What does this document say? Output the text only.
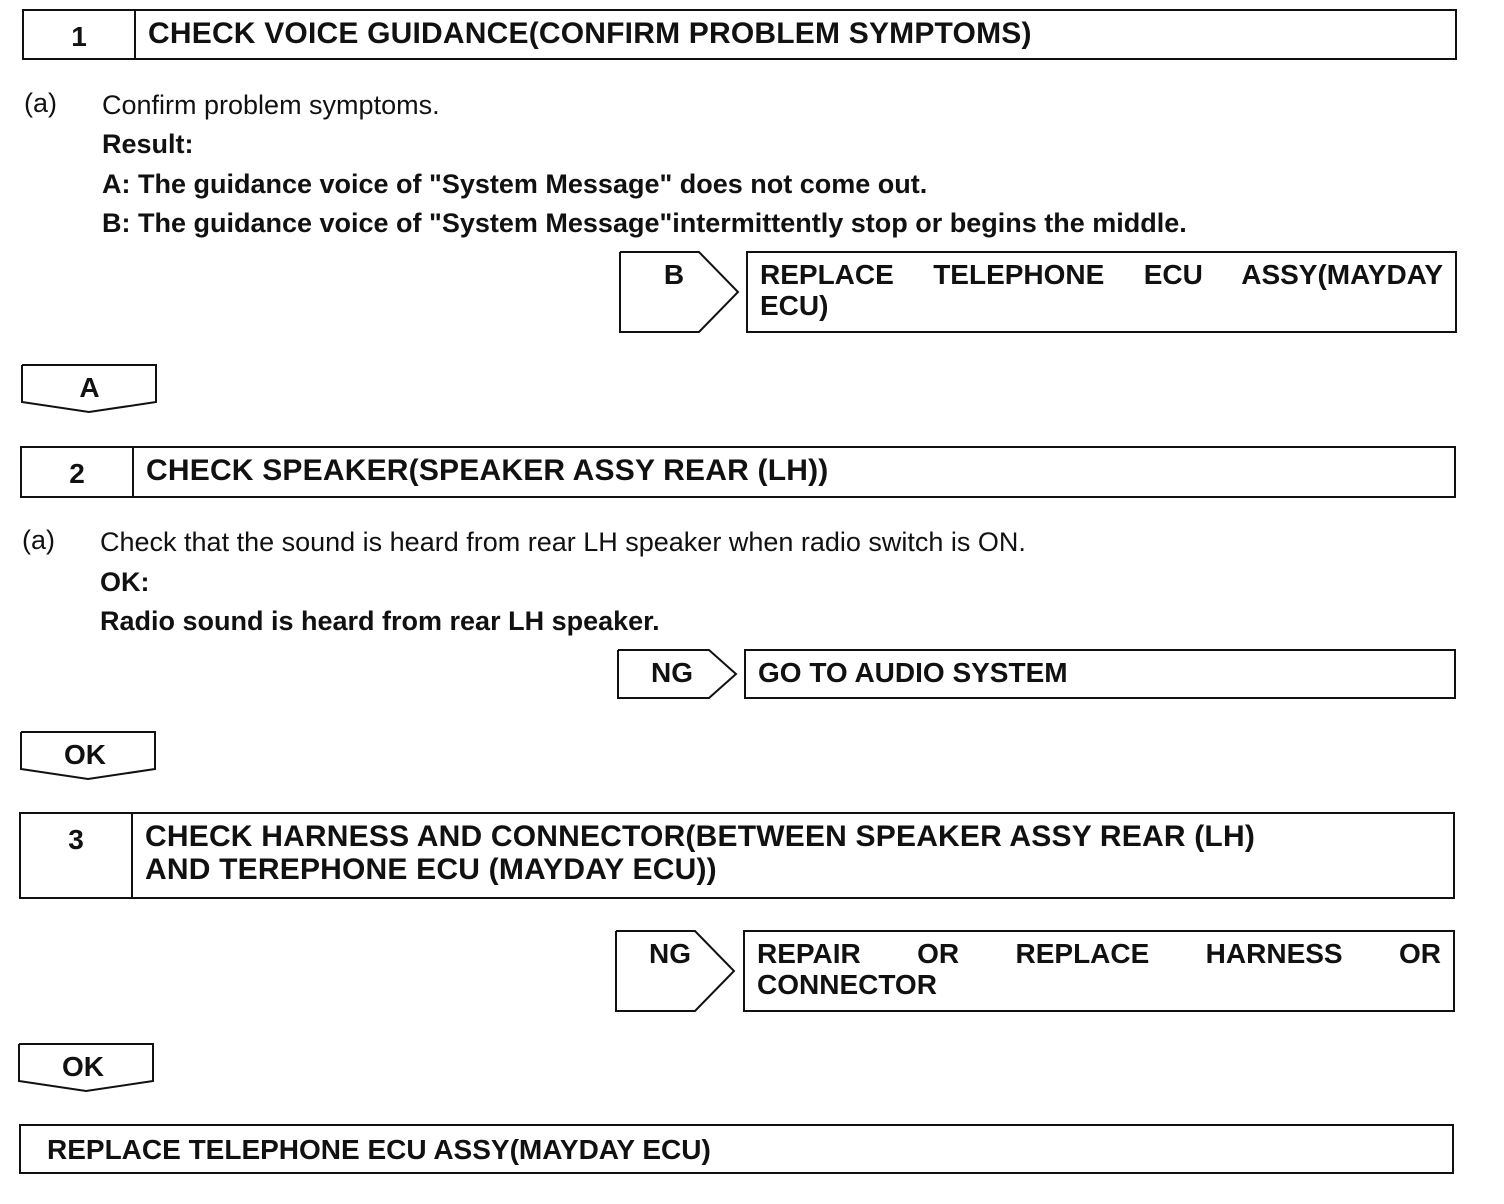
1	CHECK VOICE GUIDANCE(CONFIRM PROBLEM SYMPTOMS)
(a) Confirm problem symptoms.
Result:
A: The guidance voice of "System Message" does not come out.
B: The guidance voice of "System Message"intermittently stop or begins the middle.
B	REPLACE TELEPHONE ECU ASSY(MAYDAY
ECU)
A
2	CHECK SPEAKER(SPEAKER ASSY REAR (LH))
(a) Check that the sound is heard from rear LH speaker when radio switch is ON.
OK:
Radio sound is heard from rear LH speaker.
NG	GO TO AUDIO SYSTEM
OK
3	CHECK HARNESS AND CONNECTOR(BETWEEN SPEAKER ASSY REAR (LH)
AND TEREPHONE ECU (MAYDAY ECU))
NG	REPAIR OR REPLACE HARNESS OR
CONNECTOR
OK
REPLACE TELEPHONE ECU ASSY(MAYDAY ECU)
